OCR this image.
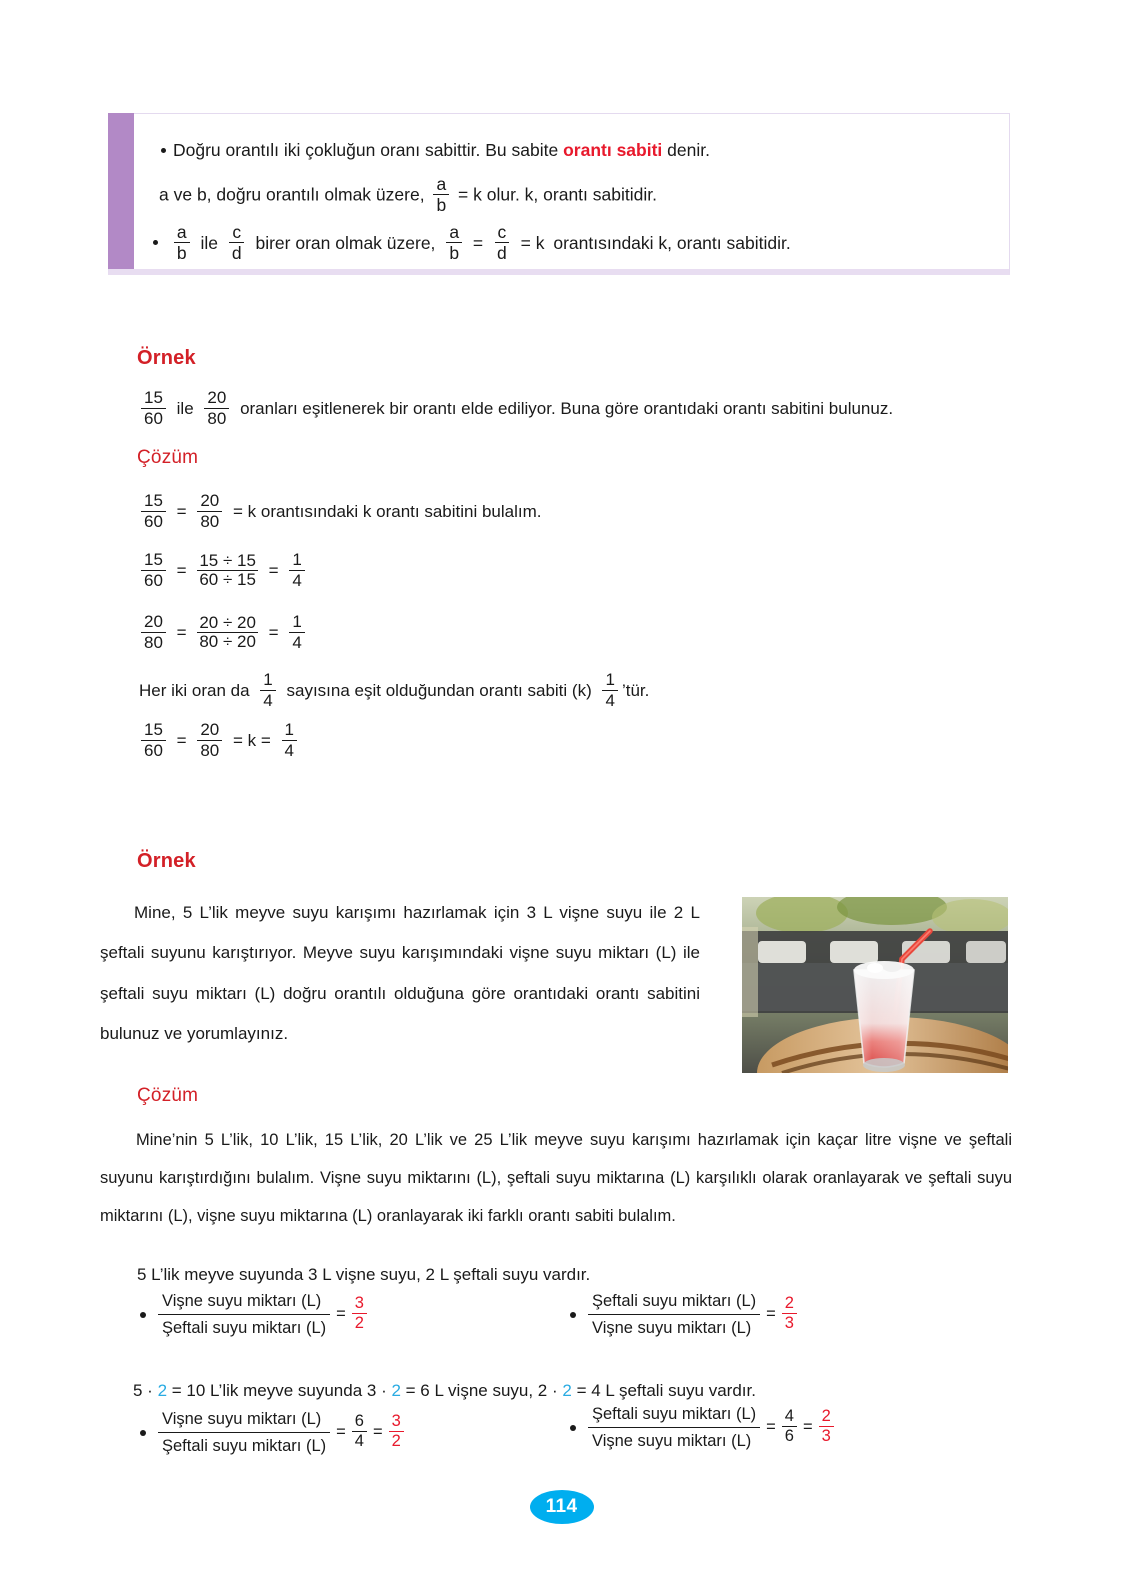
Doğru orantılı iki çokluğun oranı sabittir. Bu sabite orantı sabiti denir.
a ve b, doğru orantılı olmak üzere, $\frac{a}{b} = k$ olur. k, orantı sabitidir.

$\frac{a}{b}$ ile $\frac{c}{d}$ birer oran olmak üzere, $\frac{a}{b} = \frac{c}{d} = k$ orantısındaki k, orantı sabitidir.
Örnek
$\frac{15}{60}$ ile $\frac{20}{80}$ oranları eşitlenerek bir orantı elde ediliyor. Buna göre orantıdaki orantı sabitini bulunuz.
Çözüm
$\frac{15}{60} = \frac{20}{80} = k$ orantısındaki k orantı sabitini bulalım.
$\frac{15}{60} = \frac{15 \div 15}{60 \div 15} = \frac{1}{4}$
$\frac{20}{80} = \frac{20 \div 20}{80 \div 20} = \frac{1}{4}$
Her iki oran da $\frac{1}{4}$ sayısına eşit olduğundan orantı sabiti $(k) \frac{1}{4}$ ’tür.
$\frac{15}{60} = \frac{20}{80} = k = \frac{1}{4}$
Örnek
Mine, 5 L’lik meyve suyu karışımı hazırlamak için 3 L vişne suyu ile 2 L şeftali suyunu karıştırıyor. Meyve suyu karışımındaki vişne suyu miktarı (L) ile şeftali suyu miktarı (L) doğru orantılı olduğuna göre orantıdaki orantı sabitini bulunuz ve yorumlayınız.
Çözüm
Mine’nin 5 L’lik, 10 L’lik, 15 L’lik, 20 L’lik ve 25 L’lik meyve suyu karışımı hazırlamak için kaçar litre vişne ve şeftali suyunu karıştırdığını bulalım. Vişne suyu miktarını (L), şeftali suyu miktarına (L) karşılıklı olarak oranlayarak ve şeftali suyu miktarını (L), vişne suyu miktarına (L) oranlayarak iki farklı orantı sabiti bulalım.
5 L’lik meyve suyunda 3 L vişne suyu, 2 L şeftali suyu vardır.
$\frac{\text{Vişne suyu miktarı (L)}}{\text{Şeftali suyu miktarı (L)}} = \frac{3}{2}$	$\frac{\text{Şeftali suyu miktarı (L)}}{\text{Vişne suyu miktarı (L)}} = \frac{2}{3}$
5 · 2 = 10 L’lik meyve suyunda 3 · 2 = 6 L vişne suyu, 2 · 2 = 4 L şeftali suyu vardır.
$\frac{\text{Vişne suyu miktarı (L)}}{\text{Şeftali suyu miktarı (L)}} = \frac{6}{4} = \frac{3}{2}$	$\frac{\text{Şeftali suyu miktarı (L)}}{\text{Vişne suyu miktarı (L)}} = \frac{4}{6} = \frac{2}{3}$
114
